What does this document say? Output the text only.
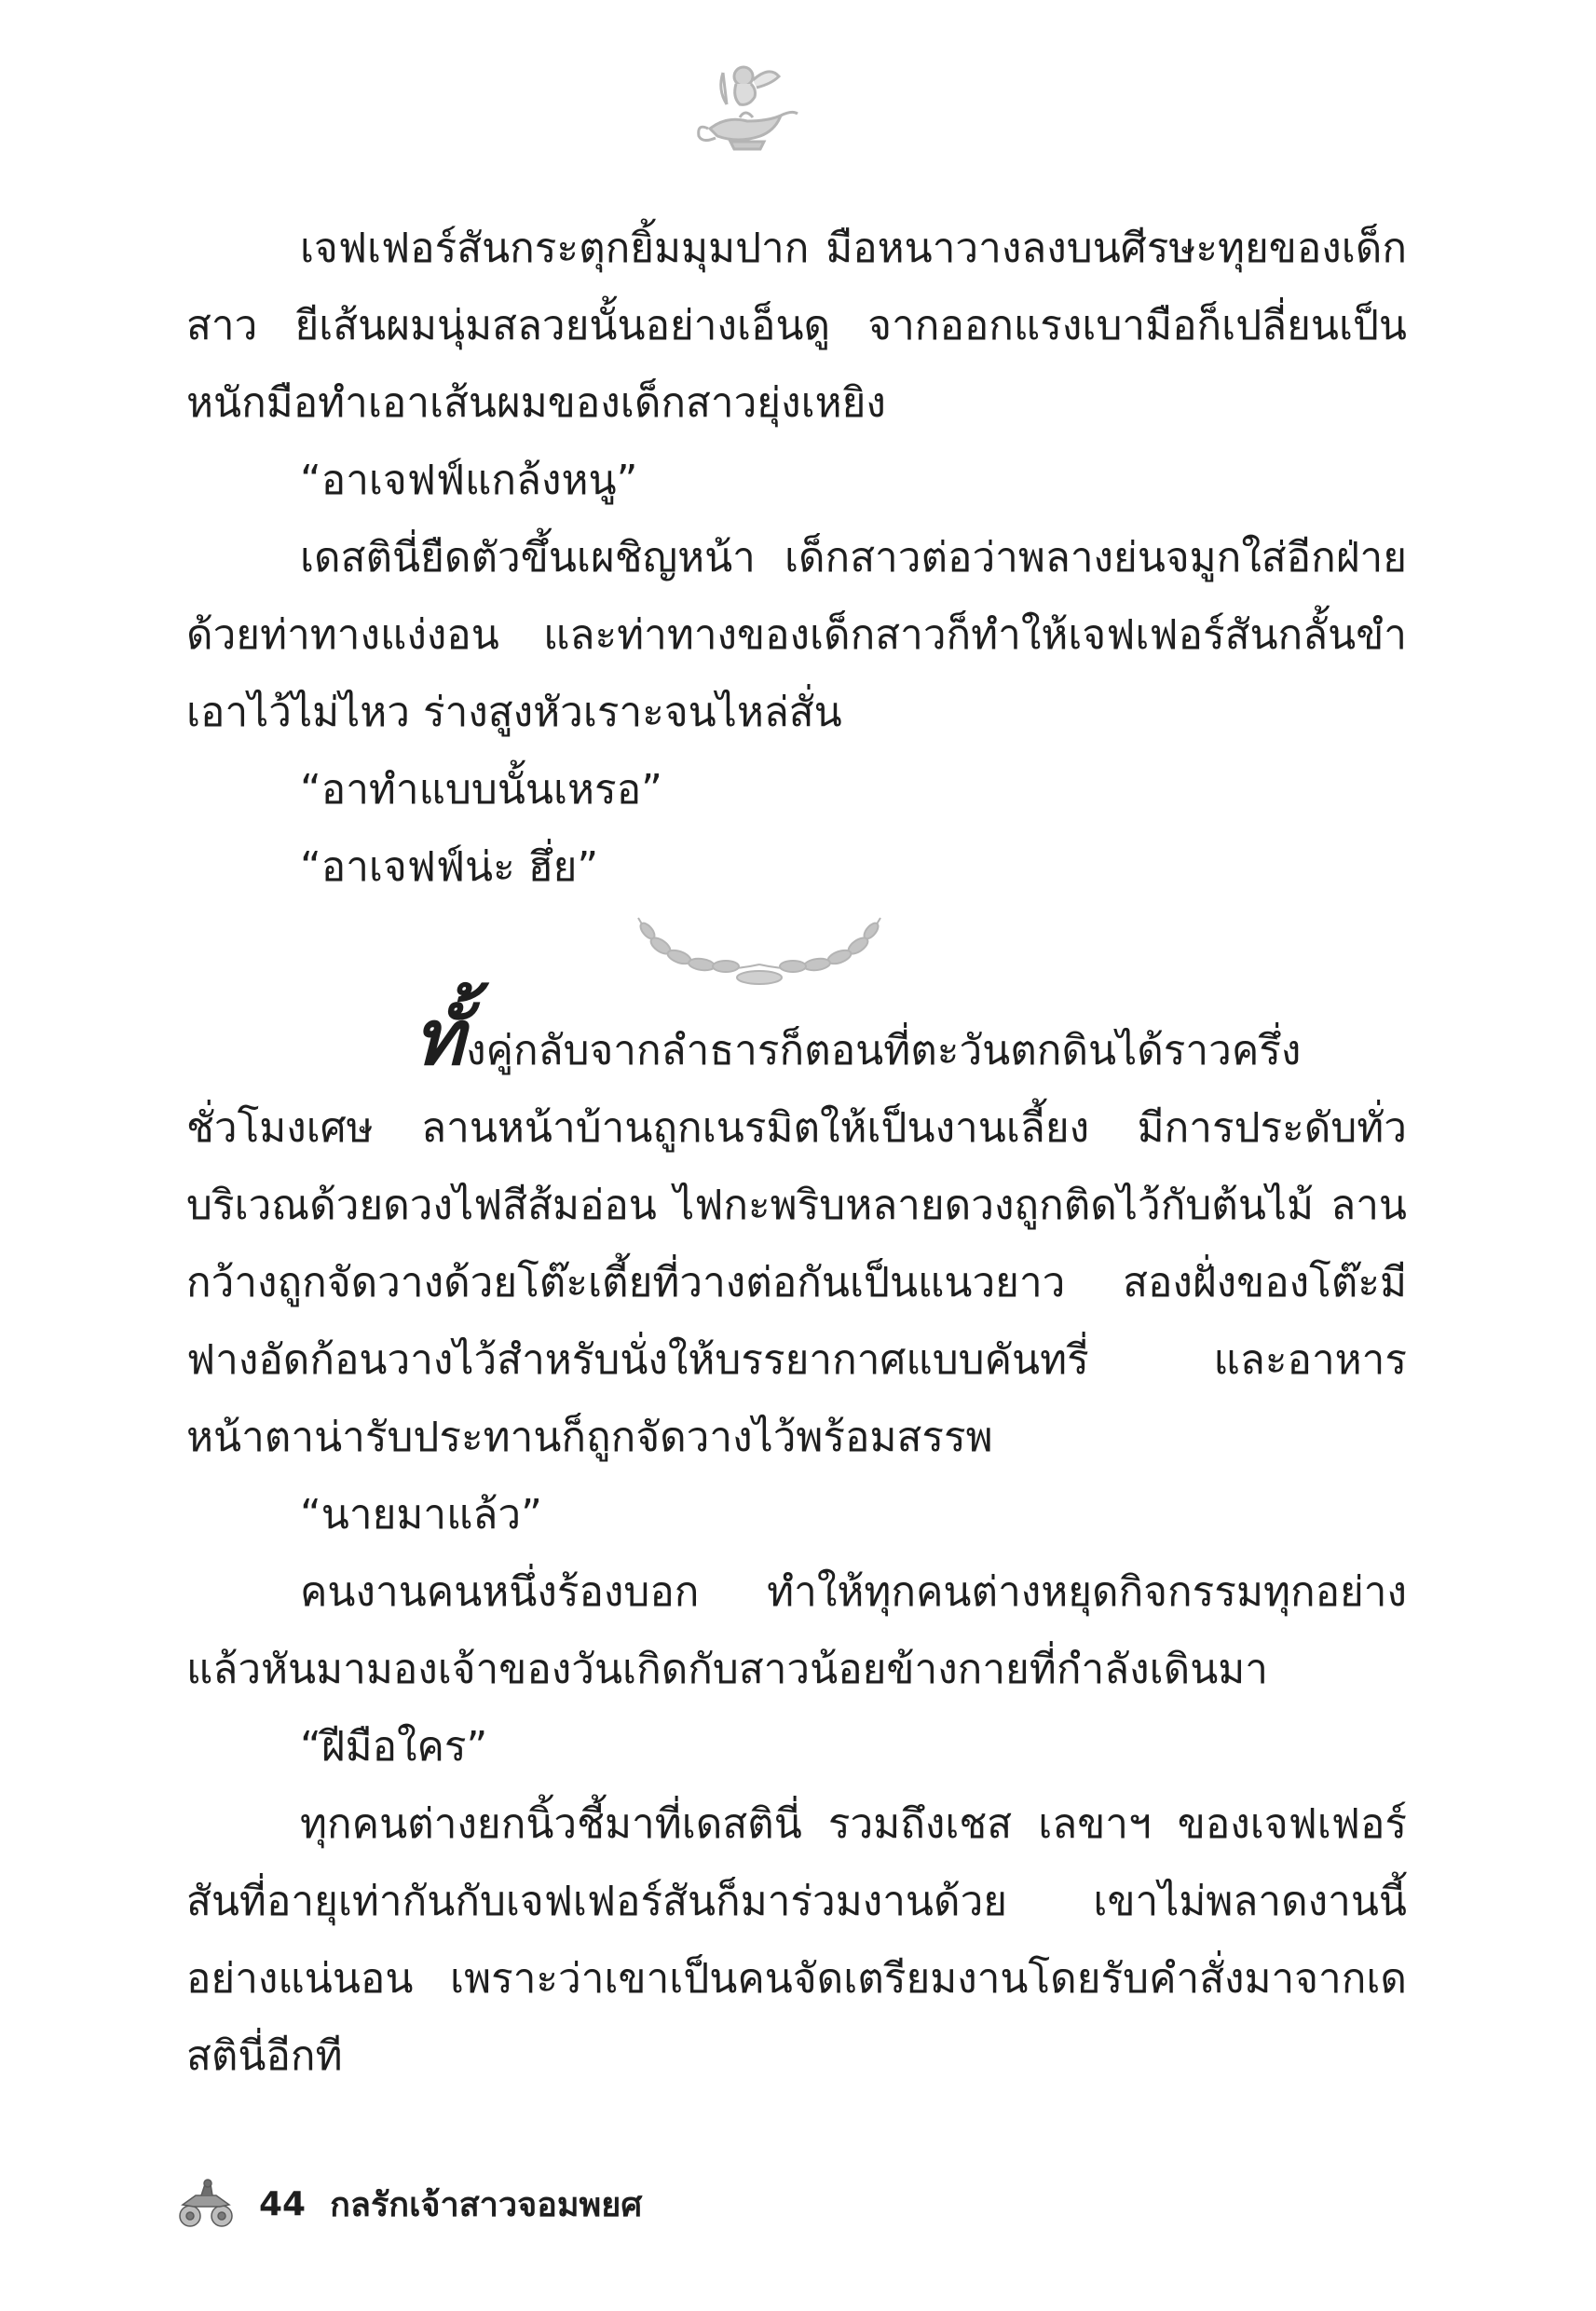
เจฟเฟอร์สันกระตุกยิ้มมุมปาก มือหนาวางลงบนศีรษะทุยของเด็กสาว ยีเส้นผมนุ่มสลวยนั้นอย่างเอ็นดู จากออกแรงเบามือก็เปลี่ยนเป็นหนักมือทำเอาเส้นผมของเด็กสาวยุ่งเหยิง

“อาเจฟฟ์แกล้งหนู”

เดสตินี่ยืดตัวขึ้นเผชิญหน้า เด็กสาวต่อว่าพลางย่นจมูกใส่อีกฝ่ายด้วยท่าทางแง่งอน และท่าทางของเด็กสาวก็ทำให้เจฟเฟอร์สันกลั้นขำเอาไว้ไม่ไหว ร่างสูงหัวเราะจนไหล่สั่น

“อาทำแบบนั้นเหรอ”

“อาเจฟฟ์น่ะ ฮึ่ย”

ทั้งคู่กลับจากลำธารก็ตอนที่ตะวันตกดินได้ราวครึ่งชั่วโมงเศษ ลานหน้าบ้านถูกเนรมิตให้เป็นงานเลี้ยง มีการประดับทั่วบริเวณด้วยดวงไฟสีส้มอ่อน ไฟกะพริบหลายดวงถูกติดไว้กับต้นไม้ ลานกว้างถูกจัดวางด้วยโต๊ะเตี้ยที่วางต่อกันเป็นแนวยาว สองฝั่งของโต๊ะมีฟางอัดก้อนวางไว้สำหรับนั่งให้บรรยากาศแบบคันทรี่ และอาหารหน้าตาน่ารับประทานก็ถูกจัดวางไว้พร้อมสรรพ

“นายมาแล้ว”

คนงานคนหนึ่งร้องบอก ทำให้ทุกคนต่างหยุดกิจกรรมทุกอย่างแล้วหันมามองเจ้าของวันเกิดกับสาวน้อยข้างกายที่กำลังเดินมา

“ฝีมือใคร”

ทุกคนต่างยกนิ้วชี้มาที่เดสตินี่ รวมถึงเชส เลขาฯ ของเจฟเฟอร์สันที่อายุเท่ากันกับเจฟเฟอร์สันก็มาร่วมงานด้วย เขาไม่พลาดงานนี้อย่างแน่นอน เพราะว่าเขาเป็นคนจัดเตรียมงานโดยรับคำสั่งมาจากเดสตินี่อีกที

44 กลรักเจ้าสาวจอมพยศ
